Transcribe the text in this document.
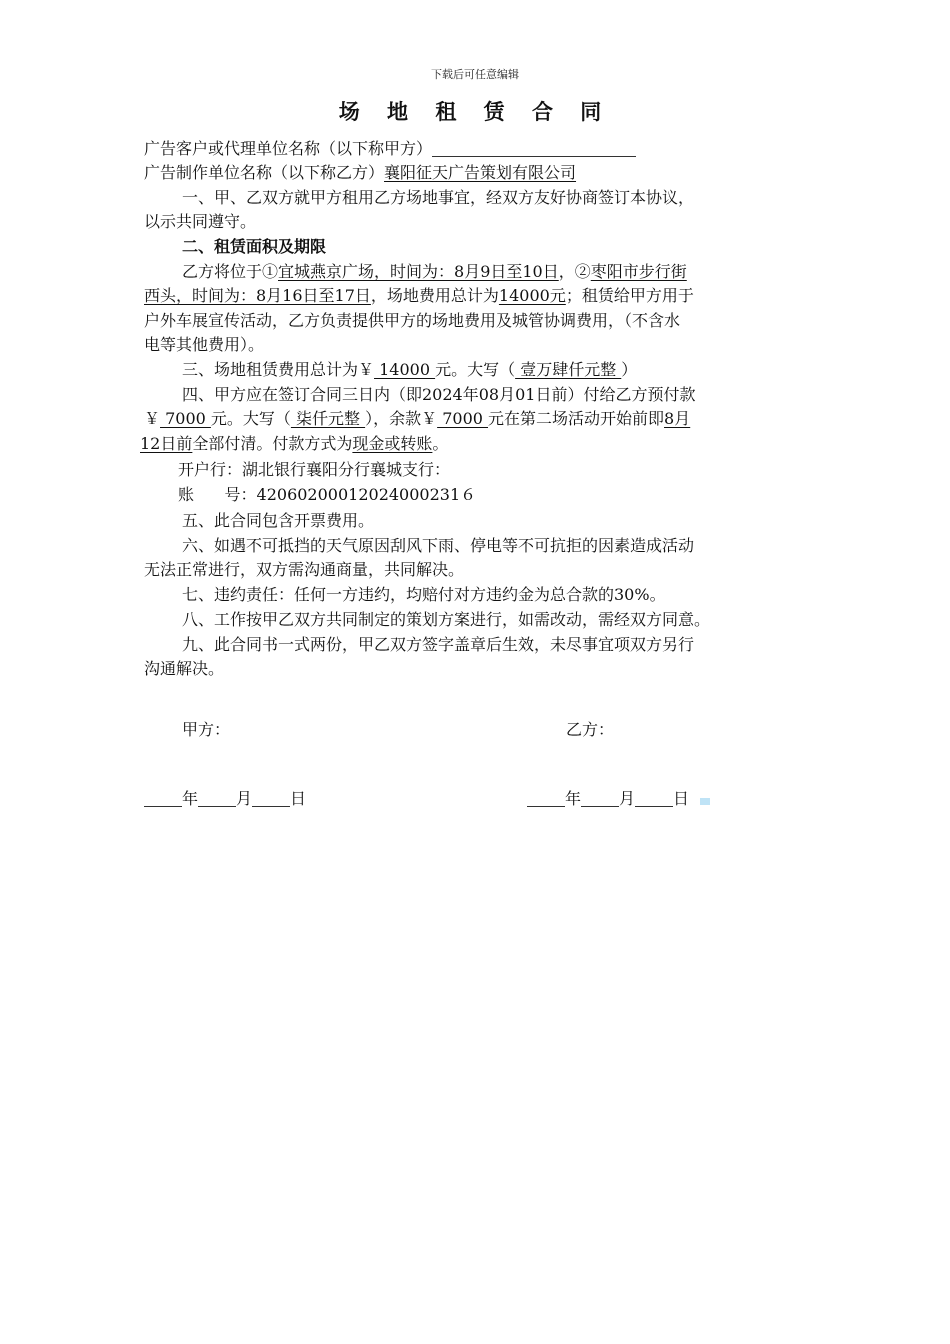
下载后可任意编辑
场 地 租 赁 合 同
广告客户或代理单位名称（以下称甲方）
广告制作单位名称（以下称乙方）襄阳征天广告策划有限公司
一、甲、乙双方就甲方租用乙方场地事宜，经双方友好协商签订本协议，
以示共同遵守。
二、租赁面积及期限
乙方将位于①宜城燕京广场，时间为：8月9日至10日，②枣阳市步行街
西头，时间为：8月16日至17日，场地费用总计为14000元；租赁给甲方用于
户外车展宣传活动，乙方负责提供甲方的场地费用及城管协调费用，（不含水
电等其他费用）。
三、场地租赁费用总计为￥ 14000 元。大写（ 壹万肆仟元整 ）
四、甲方应在签订合同三日内（即2024年08月01日前）付给乙方预付款
￥ 7000 元。大写（ 柒仟元整 ），余款￥ 7000 元在第二场活动开始前即8月
12日前全部付清。付款方式为现金或转账。
开户行：湖北银行襄阳分行襄城支行：
账      号：42060200012024000231６
五、此合同包含开票费用。
六、如遇不可抵挡的天气原因刮风下雨、停电等不可抗拒的因素造成活动
无法正常进行，双方需沟通商量，共同解决。
七、违约责任：任何一方违约，均赔付对方违约金为总合款的30%。
八、工作按甲乙双方共同制定的策划方案进行，如需改动，需经双方同意。
九、此合同书一式两份，甲乙双方签字盖章后生效，未尽事宜项双方另行
沟通解决。
甲方：	乙方：
年 月 日	年 月 日
